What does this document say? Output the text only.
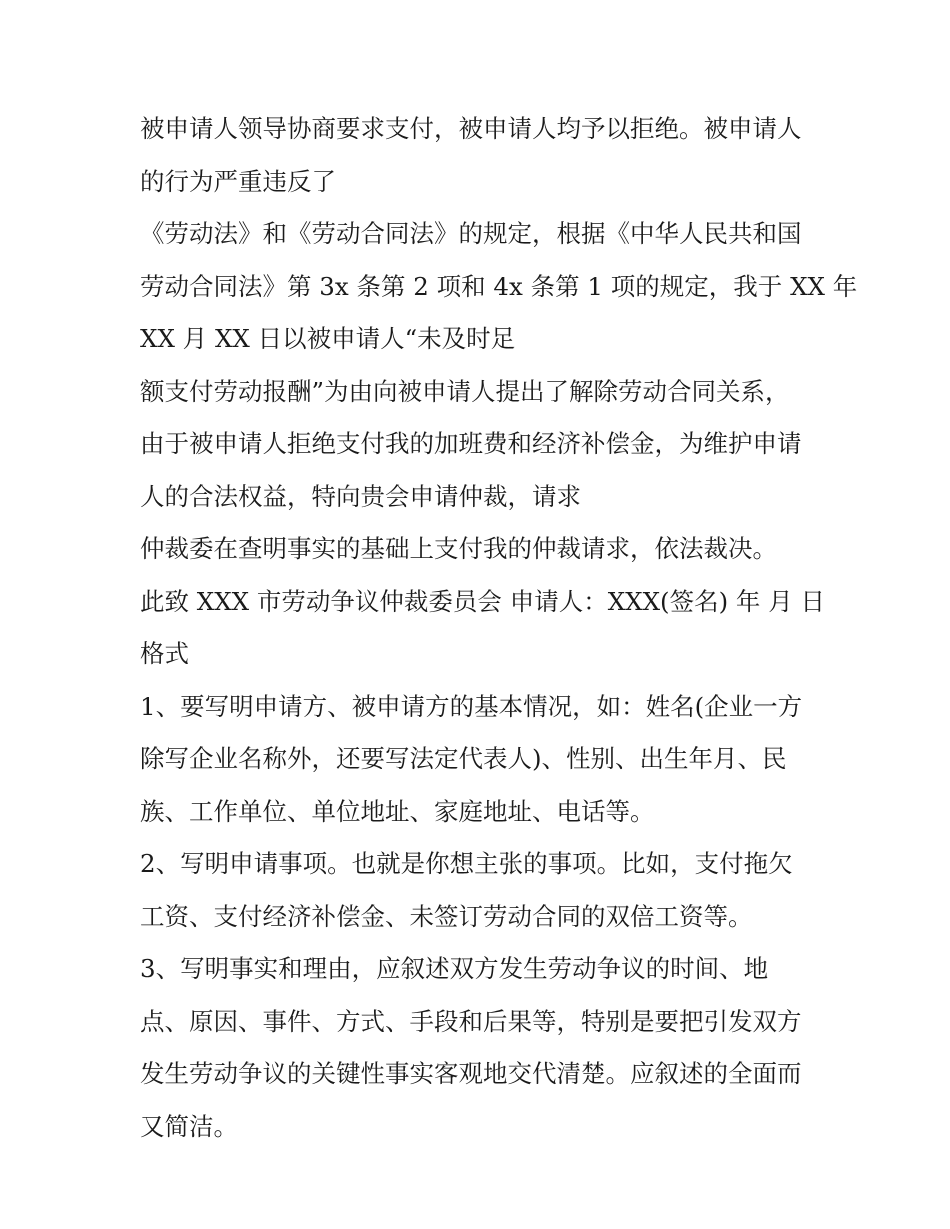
被申请人领导协商要求支付，被申请人均予以拒绝。被申请人
的行为严重违反了
《劳动法》和《劳动合同法》的规定，根据《中华人民共和国
劳动合同法》第 3x 条第 2 项和 4x 条第 1 项的规定，我于 XX 年
XX 月 XX 日以被申请人“未及时足
额支付劳动报酬”为由向被申请人提出了解除劳动合同关系，
由于被申请人拒绝支付我的加班费和经济补偿金，为维护申请
人的合法权益，特向贵会申请仲裁，请求
仲裁委在查明事实的基础上支付我的仲裁请求，依法裁决。
此致 XXX 市劳动争议仲裁委员会 申请人：XXX(签名) 年 月 日
格式
1、要写明申请方、被申请方的基本情况，如：姓名(企业一方
除写企业名称外，还要写法定代表人)、性别、出生年月、民
族、工作单位、单位地址、家庭地址、电话等。
2、写明申请事项。也就是你想主张的事项。比如，支付拖欠
工资、支付经济补偿金、未签订劳动合同的双倍工资等。
3、写明事实和理由，应叙述双方发生劳动争议的时间、地
点、原因、事件、方式、手段和后果等，特别是要把引发双方
发生劳动争议的关键性事实客观地交代清楚。应叙述的全面而
又简洁。
